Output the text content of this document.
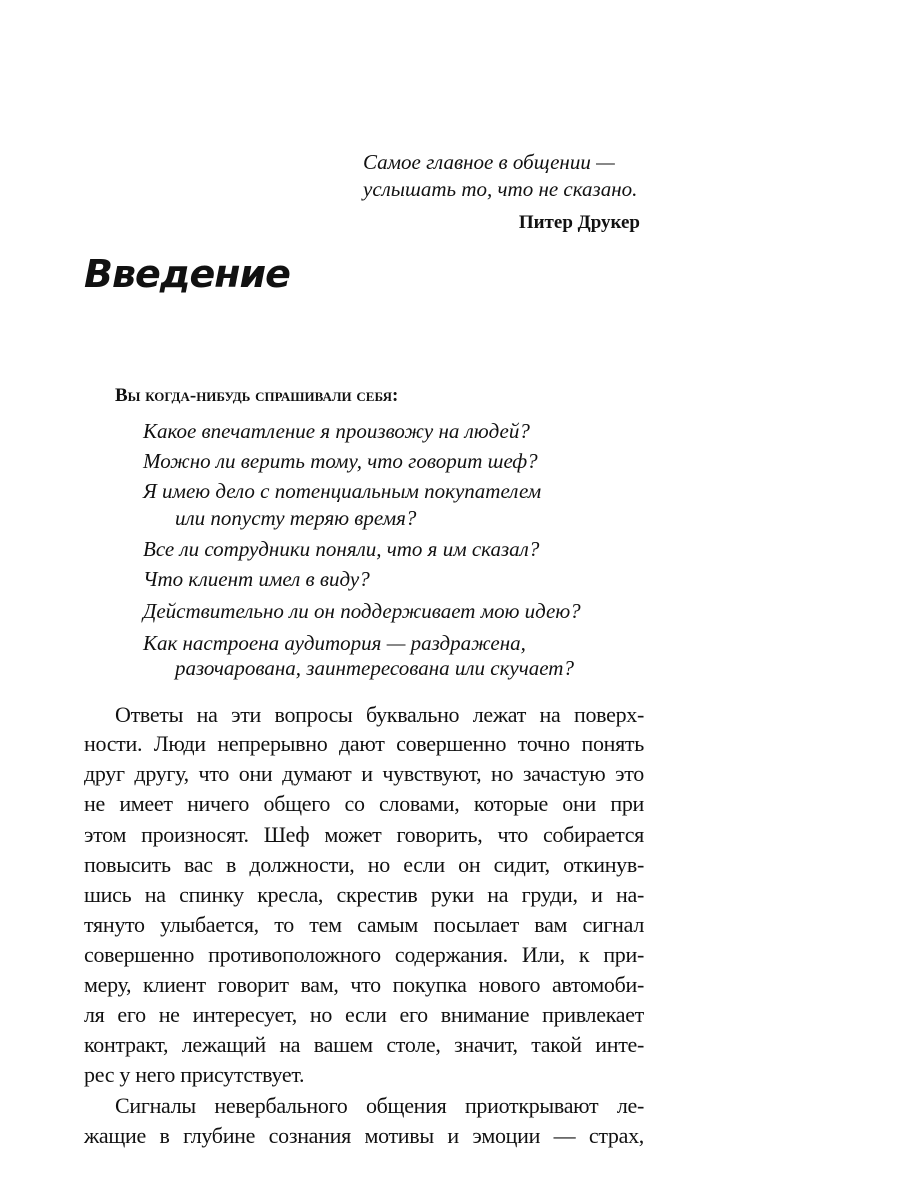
Самое главное в общении —
услышать то, что не сказано.
Питер Друкер
Введение
Вы когда-нибудь спрашивали себя:
Какое впечатление я произвожу на людей?
Можно ли верить тому, что говорит шеф?
Я имею дело с потенциальным покупателем
или попусту теряю время?
Все ли сотрудники поняли, что я им сказал?
Что клиент имел в виду?
Действительно ли он поддерживает мою идею?
Как настроена аудитория — раздражена,
разочарована, заинтересована или скучает?
Ответы на эти вопросы буквально лежат на поверх-
ности. Люди непрерывно дают совершенно точно понять
друг другу, что они думают и чувствуют, но зачастую это
не имеет ничего общего со словами, которые они при
этом произносят. Шеф может говорить, что собирается
повысить вас в должности, но если он сидит, откинув-
шись на спинку кресла, скрестив руки на груди, и на-
тянуто улыбается, то тем самым посылает вам сигнал
совершенно противоположного содержания. Или, к при-
меру, клиент говорит вам, что покупка нового автомоби-
ля его не интересует, но если его внимание привлекает
контракт, лежащий на вашем столе, значит, такой инте-
рес у него присутствует.
Сигналы невербального общения приоткрывают ле-
жащие в глубине сознания мотивы и эмоции — страх,
